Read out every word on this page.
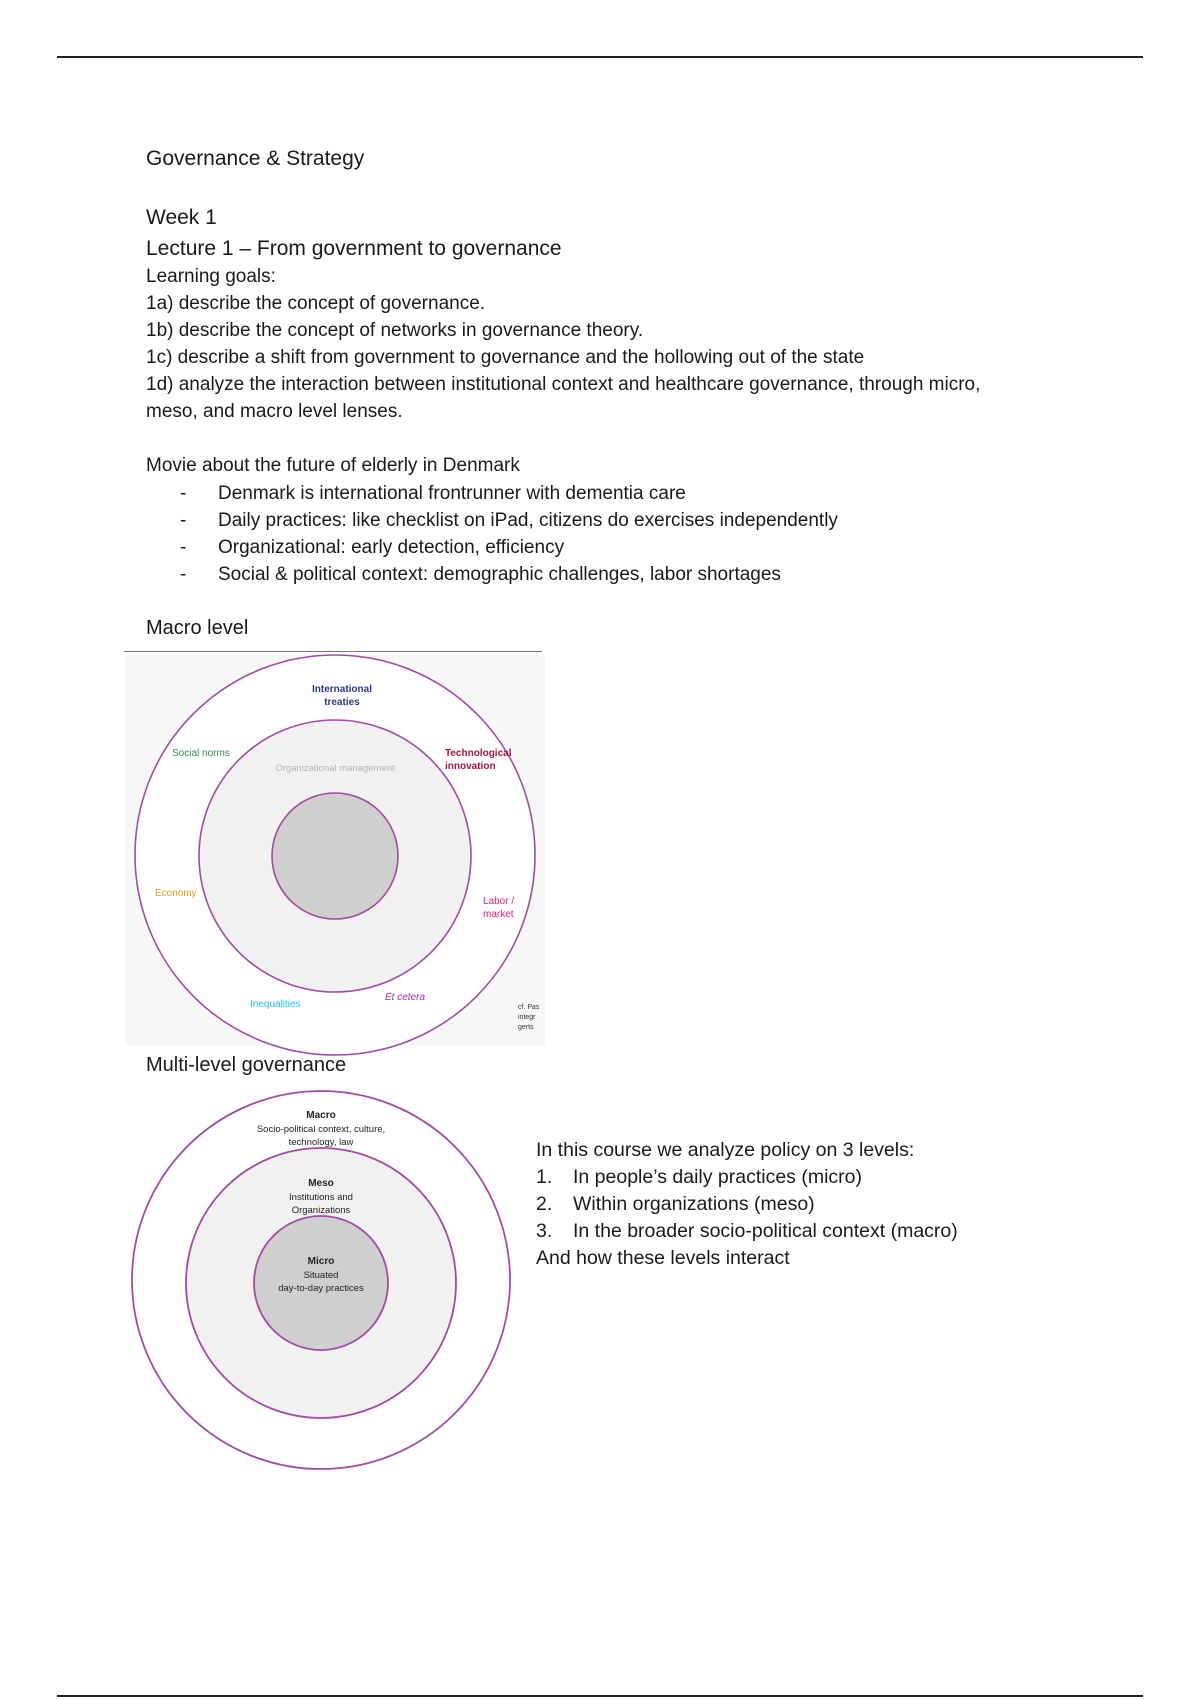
Governance & Strategy
Week 1
Lecture 1 – From government to governance
Learning goals:
1a) describe the concept of governance.
1b) describe the concept of networks in governance theory.
1c) describe a shift from government to governance and the hollowing out of the state
1d) analyze the interaction between institutional context and healthcare governance, through micro,
meso, and macro level lenses.
Movie about the future of elderly in Denmark
- Denmark is international frontrunner with dementia care
- Daily practices: like checklist on iPad, citizens do exercises independently
- Organizational: early detection, efficiency
- Social & political context: demographic challenges, labor shortages
Macro level
International treaties
Social norms	Technological innovation
Organizational management
Economy
Labor / market
Inequalities
Et cetera
cf. Pas integr gerts
Multi-level governance
Macro
Socio-political context, culture, technology, law
Meso
Institutions and Organizations
Micro
Situated day-to-day practices
In this course we analyze policy on 3 levels:
1. In people’s daily practices (micro)
2. Within organizations (meso)
3. In the broader socio-political context (macro)
And how these levels interact
